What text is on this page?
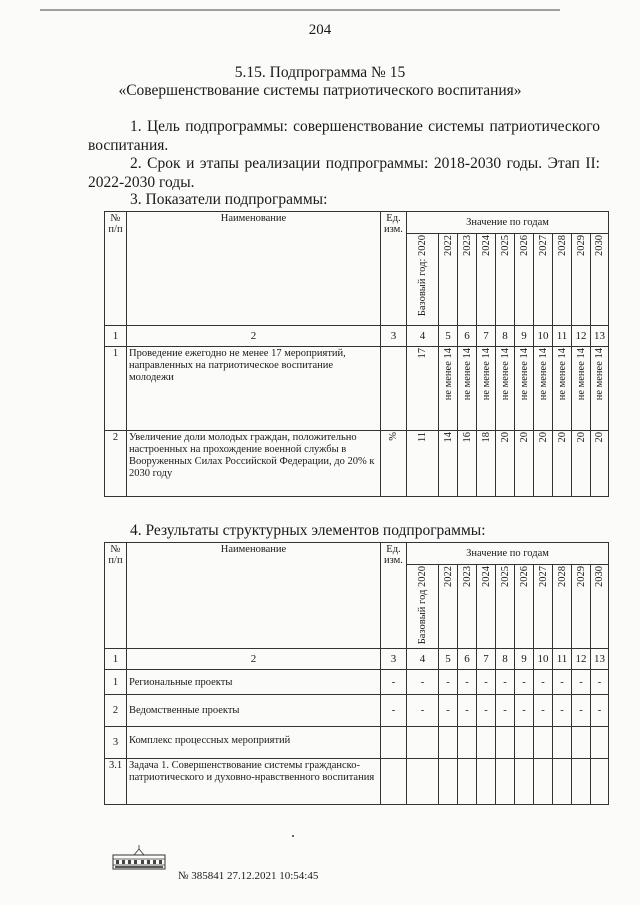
204
5.15. Подпрограмма № 15
«Совершенствование системы патриотического воспитания»
1. Цель подпрограммы: совершенствование системы патриотического воспитания.
2. Срок и этапы реализации подпрограммы: 2018-2030 годы. Этап II: 2022-2030 годы.
3. Показатели подпрограммы:
№ п/п	Наименование	Ед. изм.	Значение по годам									
			Базовый год: 2020	2022	2023	2024	2025	2026	2027	2028	2029	2030
1	2	3	4	5	6	7	8	9	10	11	12	13
1	Проведение ежегодно не менее 17 мероприятий, направленных на патриотическое воспитание молодежи		17	не менее 14	не менее 14	не менее 14	не менее 14	не менее 14	не менее 14	не менее 14	не менее 14	не менее 14
2	Увеличение доли молодых граждан, положительно настроенных на прохождение военной службы в Вооруженных Силах Российской Федерации, до 20% к 2030 году	%	11	14	16	18	20	20	20	20	20	20
4. Результаты структурных элементов подпрограммы:
№ п/п	Наименование	Ед. изм.	Значение по годам									
			Базовый год 2020	2022	2023	2024	2025	2026	2027	2028	2029	2030
1	2	3	4	5	6	7	8	9	10	11	12	13
1	Региональные проекты	-	-	-	-	-	-	-	-	-	-	-
2	Ведомственные проекты	-	-	-	-	-	-	-	-	-	-	-
3	Комплекс процессных мероприятий											
3.1	Задача 1. Совершенствование системы гражданско-патриотического и духовно-нравственного воспитания											
№ 385841 27.12.2021 10:54:45
